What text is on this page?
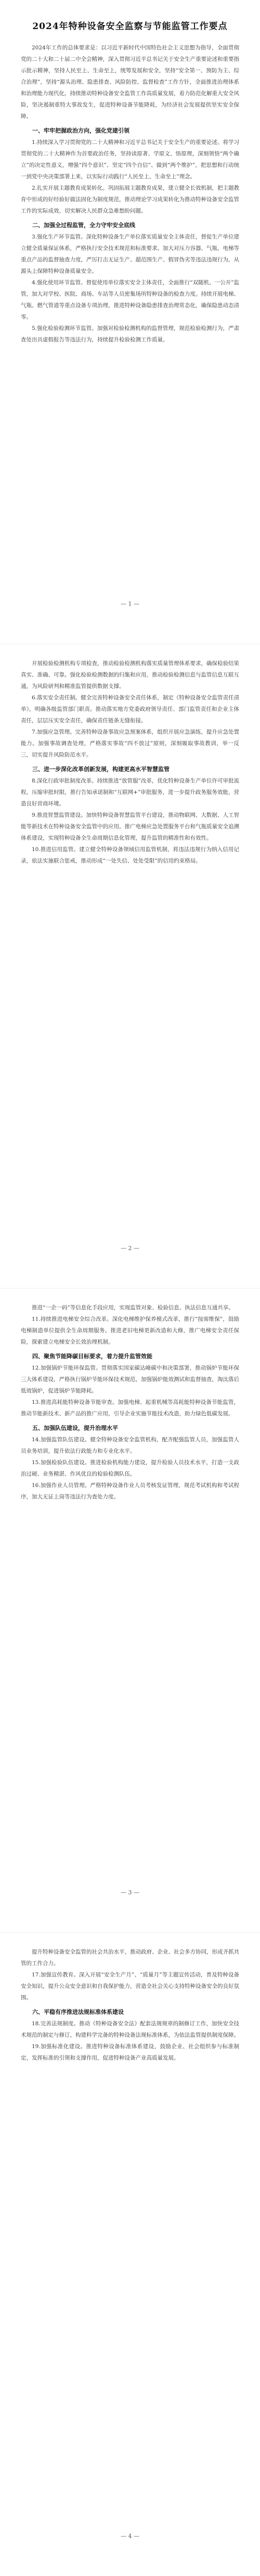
2024年特种设备安全监察与节能监管工作要点

2024年工作的总体要求是：以习近平新时代中国特色社会主义思想为指导，全面贯彻党的二十大和二十届二中全会精神，深入贯彻习近平总书记关于安全生产重要论述和重要指示批示精神，坚持人民至上、生命至上，统筹发展和安全，坚持“安全第一、预防为主、综合治理”，坚持“源头治理、隐患排查、风险防控、监督检查”工作方针，全面推进治理体系和治理能力现代化，持续推动特种设备安全监管工作高质量发展，着力防范化解重大安全风险，坚决遏制重特大事故发生，促进特种设备节能降耗，为经济社会发展提供坚实安全保障。

一、牢牢把握政治方向，强化党建引领

1.持续深入学习贯彻党的二十大精神和习近平总书记关于安全生产的重要论述。将学习贯彻党的二十大精神作为首要政治任务，坚持读原著、学原文、悟原理，深刻领悟“两个确立”的决定性意义，增强“四个意识”、坚定“四个自信”、做到“两个维护”，把思想和行动统一到党中央决策部署上来，以实际行动践行“人民至上、生命至上”理念。

2.扎实开展主题教育成果转化。巩固拓展主题教育成果，建立健全长效机制，把主题教育中形成的好经验好做法固化为制度规范，推动理论学习成果转化为推动特种设备安全监管工作的实际成效，切实解决人民群众急难愁盼问题。

二、加强全过程监管，全力守牢安全底线

3.强化生产环节监管。深化特种设备生产单位落实质量安全主体责任，督促生产单位建立健全质量保证体系，严格执行安全技术规范和标准要求。加大对压力容器、气瓶、电梯等重点产品的监督抽查力度，严厉打击无证生产、超范围生产、假冒伪劣等违法违规行为，从源头上保障特种设备质量安全。

4.强化使用环节监管。督促使用单位落实安全主体责任，全面推行“双随机、一公开”监管，加大对学校、医院、商场、车站等人员密集场所特种设备的检查力度。持续开展电梯、气瓶、燃气管道等重点设备专项治理，推进特种设备隐患排查治理常态化，确保隐患动态清零。

5.强化检验检测环节监管。加强对检验检测机构的监督管理，规范检验检测行为，严肃查处出具虚假报告等违法行为，持续提升检验检测工作质量。

— 1 —

开展检验检测机构专项检查，推动检验检测机构落实质量管理体系要求，确保检验结果真实、准确、可靠。强化检验检测数据的归集和应用，推动检验检测信息与监管信息互联互通，为风险研判和精准监管提供数据支撑。

6.落实安全责任制。健全完善特种设备安全责任体系，制定《特种设备安全监管责任清单》，明确各级监管部门职责。推动落实地方党委政府领导责任、部门监管责任和企业主体责任，层层压实安全责任，确保责任链条无缝衔接。

7.加强应急管理。完善特种设备事故应急预案体系，组织开展应急演练，提升应急处置能力。加强事故调查处理，严格落实事故“四不放过”原则，深刻吸取事故教训，举一反三，切实提升风险防范水平。

三、进一步深化改革创新发展，构建更高水平智慧监管

8.深化行政审批制度改革。持续推进“放管服”改革，优化特种设备生产单位许可审批流程，压缩审批时限，推行告知承诺制和“互联网+”审批服务，进一步提升政务服务效能，营造良好营商环境。

9.推进智慧监管建设。加快特种设备智慧监管平台建设，推动物联网、大数据、人工智能等新技术在特种设备安全监管中的应用。推广电梯应急处置服务平台和气瓶质量安全追溯体系建设，实现特种设备全生命周期信息化管理，提升监管的精准性和有效性。

10.推进信用监管。建立健全特种设备领域信用监管机制，将违法违规行为纳入信用记录，依法实施联合惩戒，推动形成“一处失信、处处受限”的信用约束格局。

— 2 —

推进“一企一码”等信息化手段应用，实现监管对象、检验信息、执法信息互通共享。

11.持续推进电梯安全综合改革。深化电梯维护保养模式改革，推行“按需维保”，鼓励电梯制造单位提供全生命周期服务。推进老旧电梯更新改造和大修，推广电梯安全责任保险，探索建立电梯安全长效治理机制。

四、聚焦节能降碳目标要求，着力提升监管效能

12.加强锅炉节能环保监管。贯彻落实国家碳达峰碳中和决策部署，推动锅炉节能环保三大体系建设，严格执行锅炉节能环保技术规范，加强锅炉能效测试和监督抽查，淘汰落后低效锅炉，促进锅炉节能降耗。

13.推进高耗能特种设备节能审查。加强电梯、起重机械等高耗能特种设备节能监管，推动节能新技术、新产品的推广应用，引导企业实施节能技术改造，助力绿色低碳发展。

五、加强队伍建设，提升治理水平

14.加强监管队伍建设。健全特种设备安全监管机构，配齐配强监管人员，加强监管人员业务培训，提升依法行政能力和专业化水平。

15.加强检验队伍建设。推进检验机构能力建设，提升检验人员技术水平，打造一支政治过硬、业务精湛、作风优良的检验检测队伍。

16.加强作业人员管理。严格特种设备作业人员考核发证管理，规范考试机构和考试程序，加大无证上岗等违法行为查处力度。

— 3 —

提升特种设备安全监管的社会共治水平，推动政府、企业、社会多方协同，形成齐抓共管的工作合力。

17.加强宣传教育。深入开展“安全生产月”、“质量月”等主题宣传活动，普及特种设备安全知识，提升公众安全意识和自我保护能力，营造全社会关心支持特种设备安全的良好氛围。

六、平稳有序推进法规标准体系建设

18.完善法规制度。推动《特种设备安全法》配套法规规章的制修订工作，加快安全技术规范的制定与修订，构建科学完备的特种设备法规标准体系，为依法监管提供制度保障。

19.加强标准化建设。推进特种设备标准体系建设，鼓励企业、社会组织参与标准制定，发挥标准的引领和支撑作用，促进特种设备产业高质量发展。

— 4 —
